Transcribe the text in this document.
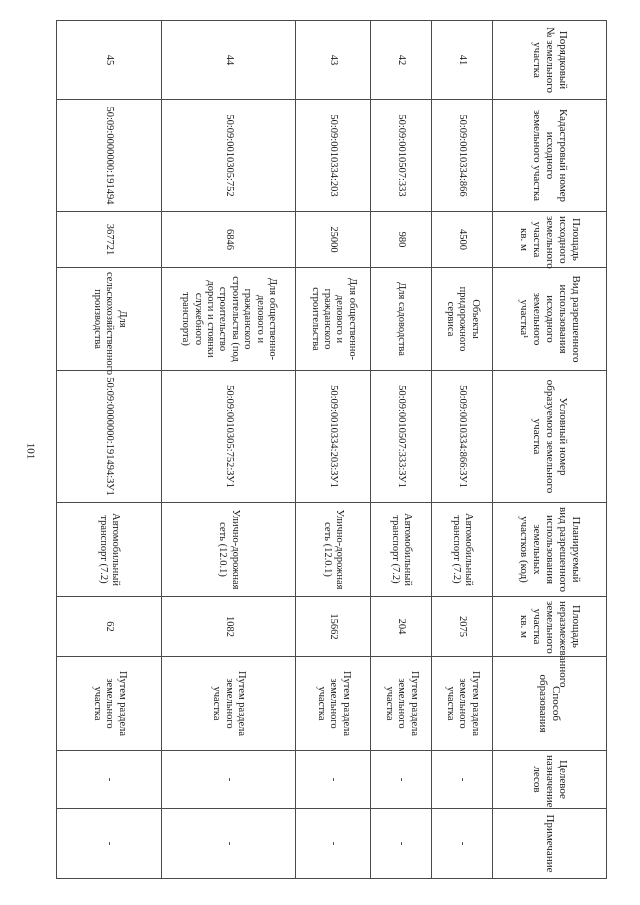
101
Порядковый № земельного участка	Кадастровый номер исходного земельного участка	Площадь исходного земельного участка кв. м	Вид разрешенного использования исходного земельного участка¹	Условный номер образуемого земельного участка	Планируемый вид разрешенного использования земельных участков (код)	Площадь неразмежеванного земельного участка кв. м	Способ образования	Целевое назначение лесов	Примечание
41	50:09:0010334:866	4500	Объекты придорожного сервиса	50:09:0010334:866:ЗУ1	Автомобильный транспорт (7.2)	2075	Путем раздела земельного участка	-	-
42	50:09:0010507:333	980	Для садоводства	50:09:0010507:333:ЗУ1	Автомобильный транспорт (7.2)	204	Путем раздела земельного участка	-	-
43	50:09:0010334:203	25000	Для общественно-делового и гражданского строительства	50:09:0010334:203:ЗУ1	Улично-дорожная сеть (12.0.1)	15662	Путем раздела земельного участка	-	-
44	50:09:0010305:752	6846	Для общественно-делового и гражданского строительства (под строительство дороги и стоянки служебного транспорта)	50:09:0010305:752:ЗУ1	Улично-дорожная сеть (12.0.1)	1082	Путем раздела земельного участка	-	-
45	50:09:0000000:191494	367721	Для сельскохозяйственного производства	50:09:0000000:191494:ЗУ1	Автомобильный транспорт (7.2)	62	Путем раздела земельного участка	-	-
